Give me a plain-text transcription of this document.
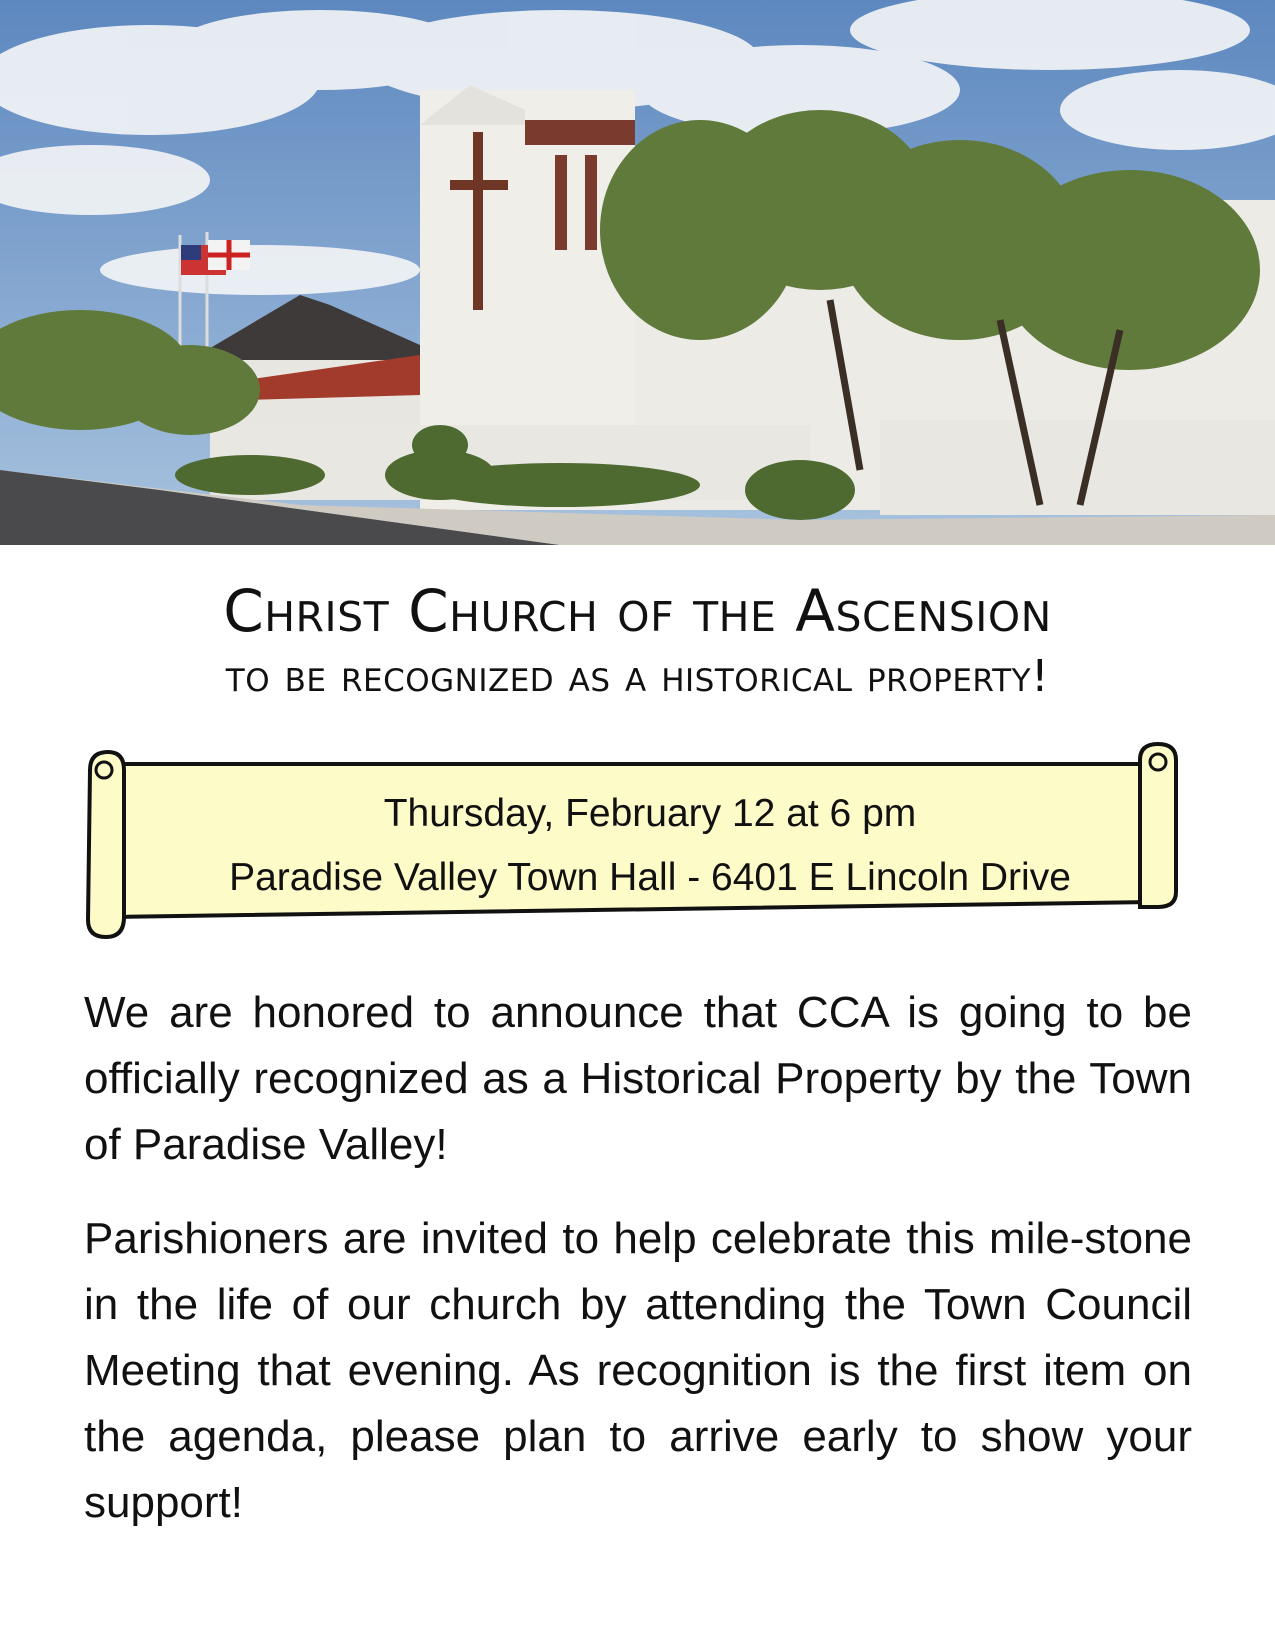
Christ Church of the Ascension
to be recognized as a historical property!
Thursday, February 12 at 6 pm
Paradise Valley Town Hall - 6401 E Lincoln Drive

We are honored to announce that CCA is going to be officially recognized as a Historical Property by the Town of Paradise Valley!

Parishioners are invited to help celebrate this mile-stone in the life of our church by attending the Town Council Meeting that evening. As recognition is the first item on the agenda, please plan to arrive early to show your support!
